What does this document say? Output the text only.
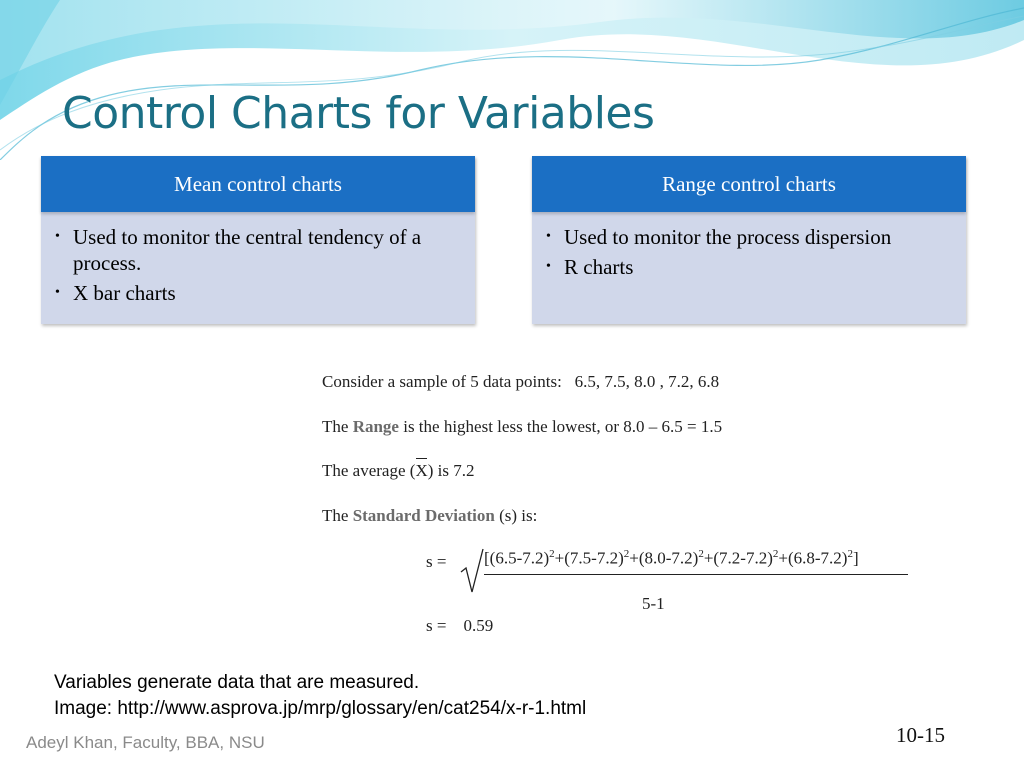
Control Charts for Variables
Mean control charts
• Used to monitor the central tendency of a process.
• X bar charts
Range control charts
• Used to monitor the process dispersion
• R charts
Consider a sample of 5 data points:   6.5, 7.5, 8.0 , 7.2, 6.8
The Range is the highest less the lowest, or 8.0 – 6.5 = 1.5
The average (X) is 7.2
The Standard Deviation (s) is:
$s = [(6.5-7.2)^2+(7.5-7.2)^2+(8.0-7.2)^2+(7.2-7.2)^2+(6.8-7.2)^2]$
5-1
s =    0.59
Variables generate data that are measured.
Image: http://www.asprova.jp/mrp/glossary/en/cat254/x-r-1.html
Adeyl Khan, Faculty, BBA, NSU	10-15
